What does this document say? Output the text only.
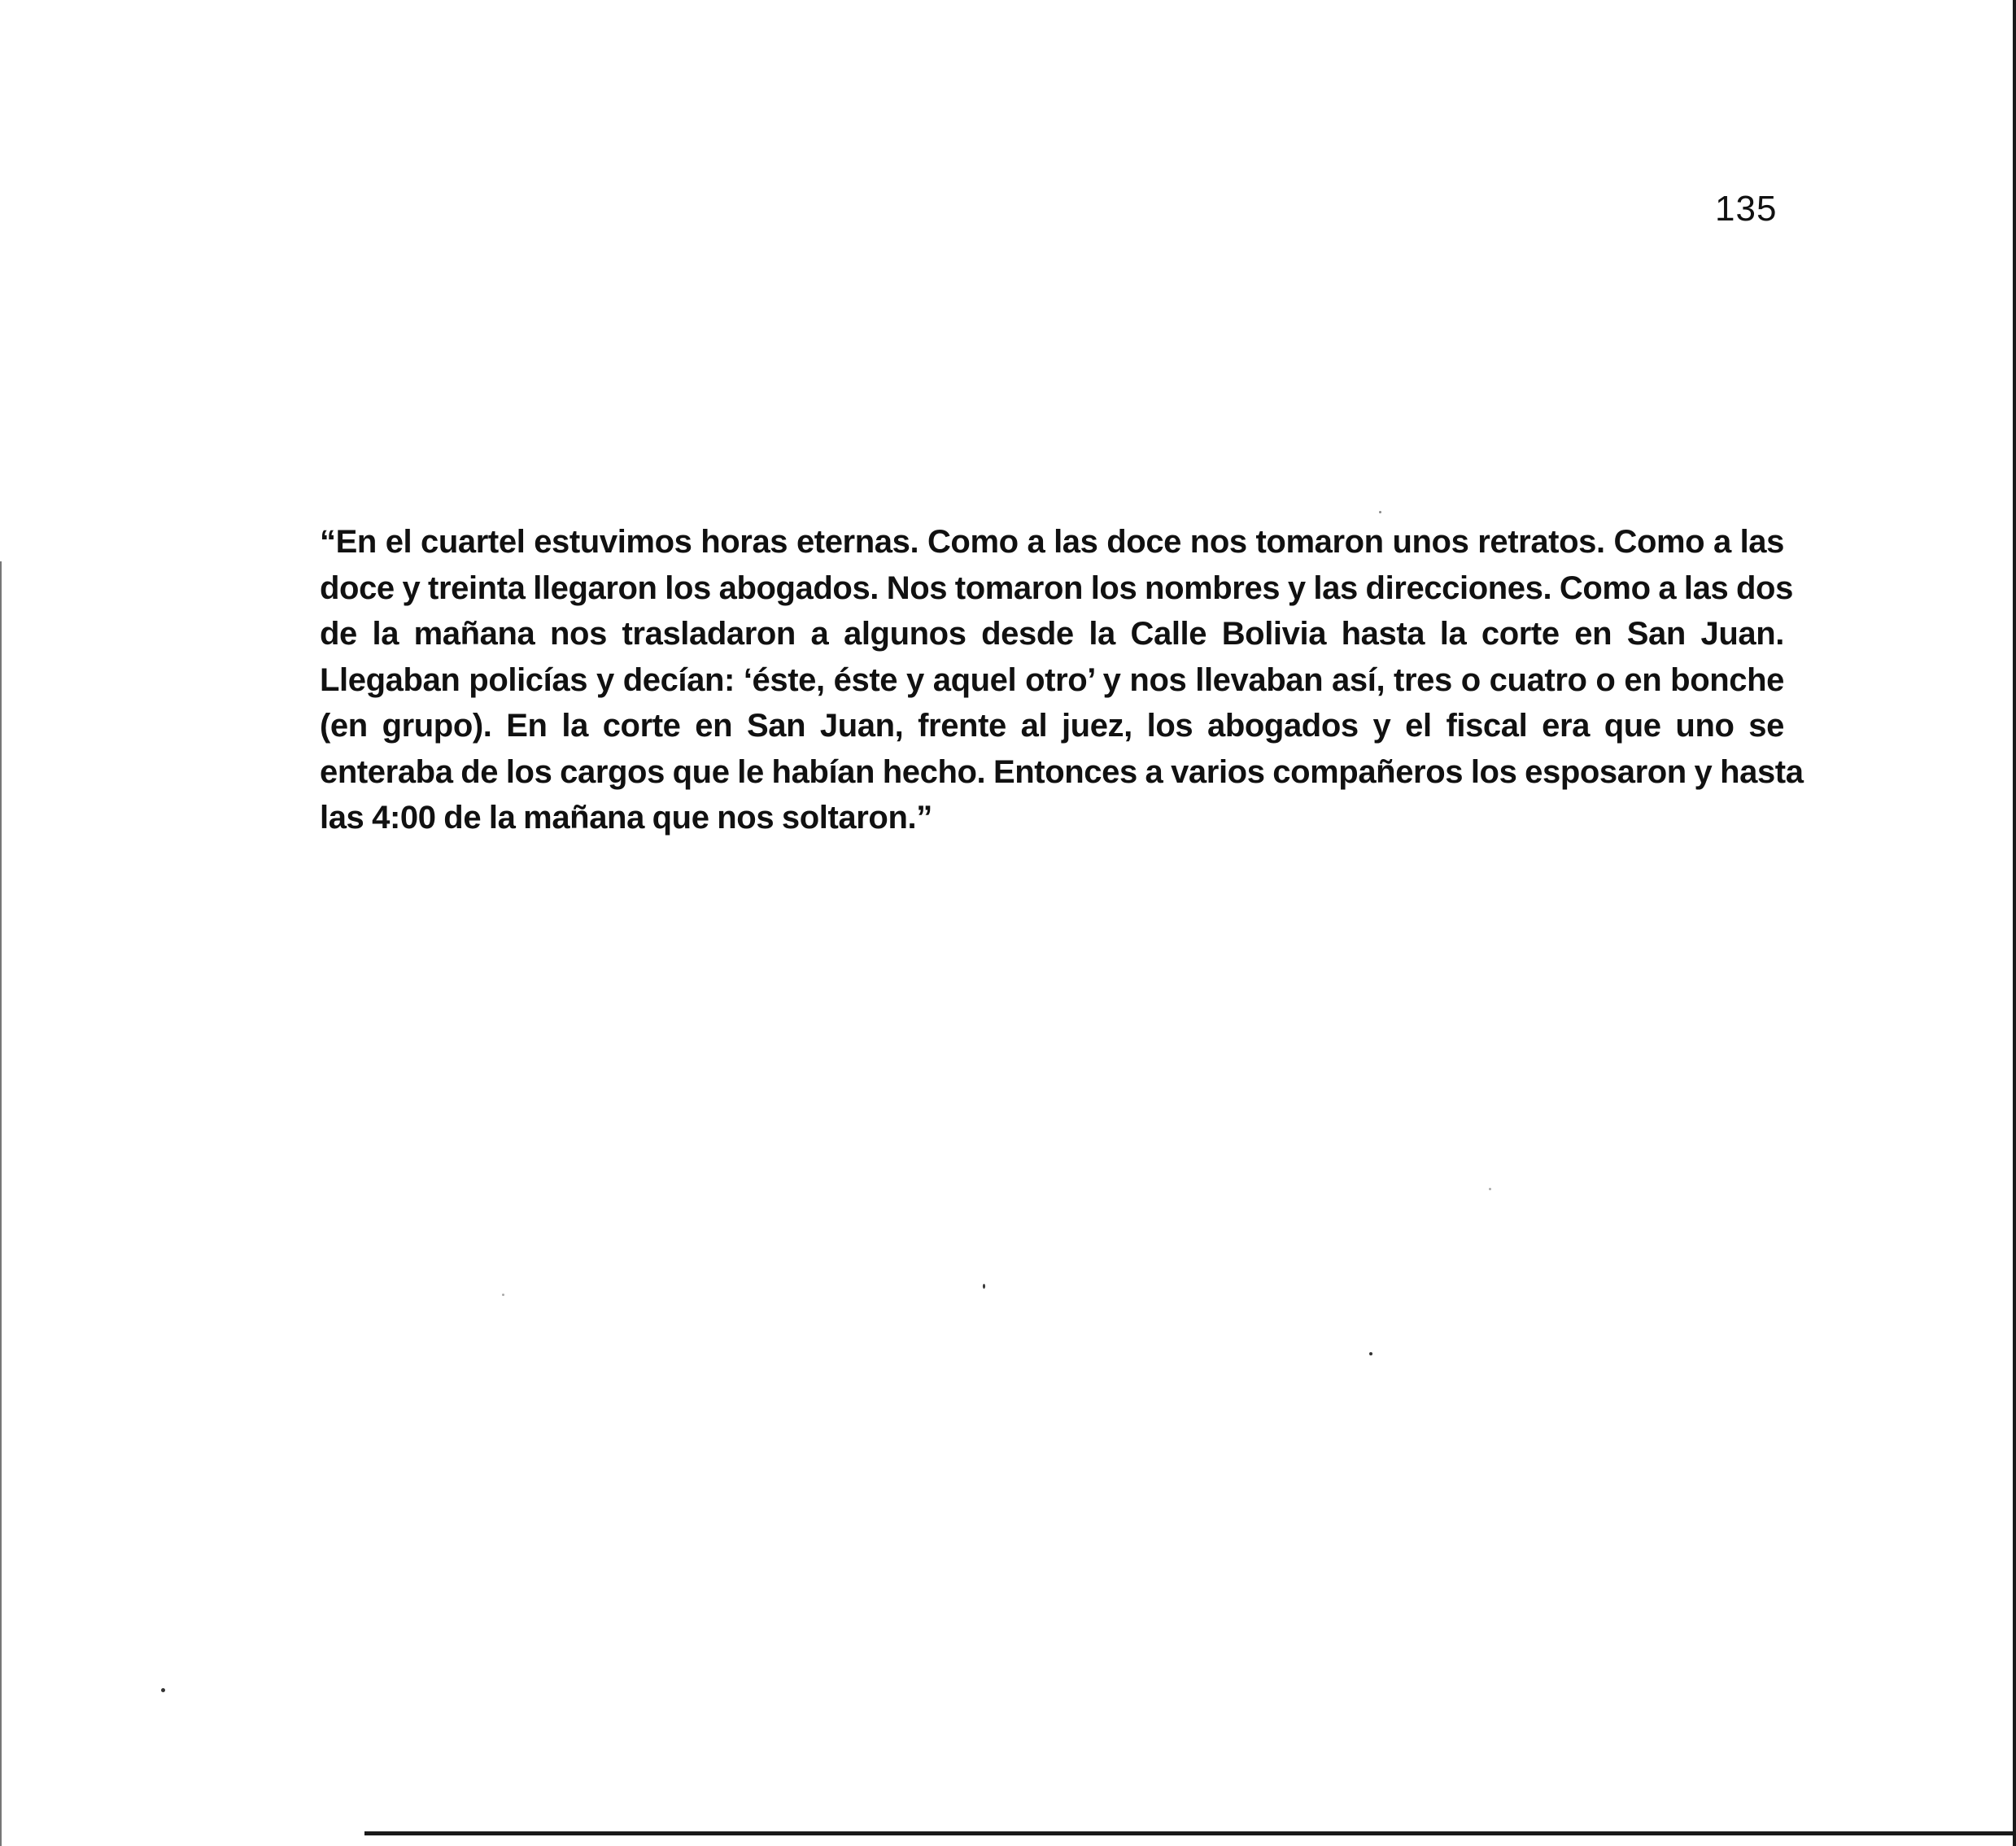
135
“En el cuartel estuvimos horas eternas. Como a las doce nos tomaron unos retratos. Como a las
doce y treinta llegaron los abogados. Nos tomaron los nombres y las direcciones. Como a las dos
de la mañana nos trasladaron a algunos desde la Calle Bolivia hasta la corte en San Juan.
Llegaban policías y decían: ‘éste, éste y aquel otro’ y nos llevaban así, tres o cuatro o en bonche
(en grupo). En la corte en San Juan, frente al juez, los abogados y el fiscal era que uno se
enteraba de los cargos que le habían hecho. Entonces a varios compañeros los esposaron y hasta
las 4:00 de la mañana que nos soltaron.”
